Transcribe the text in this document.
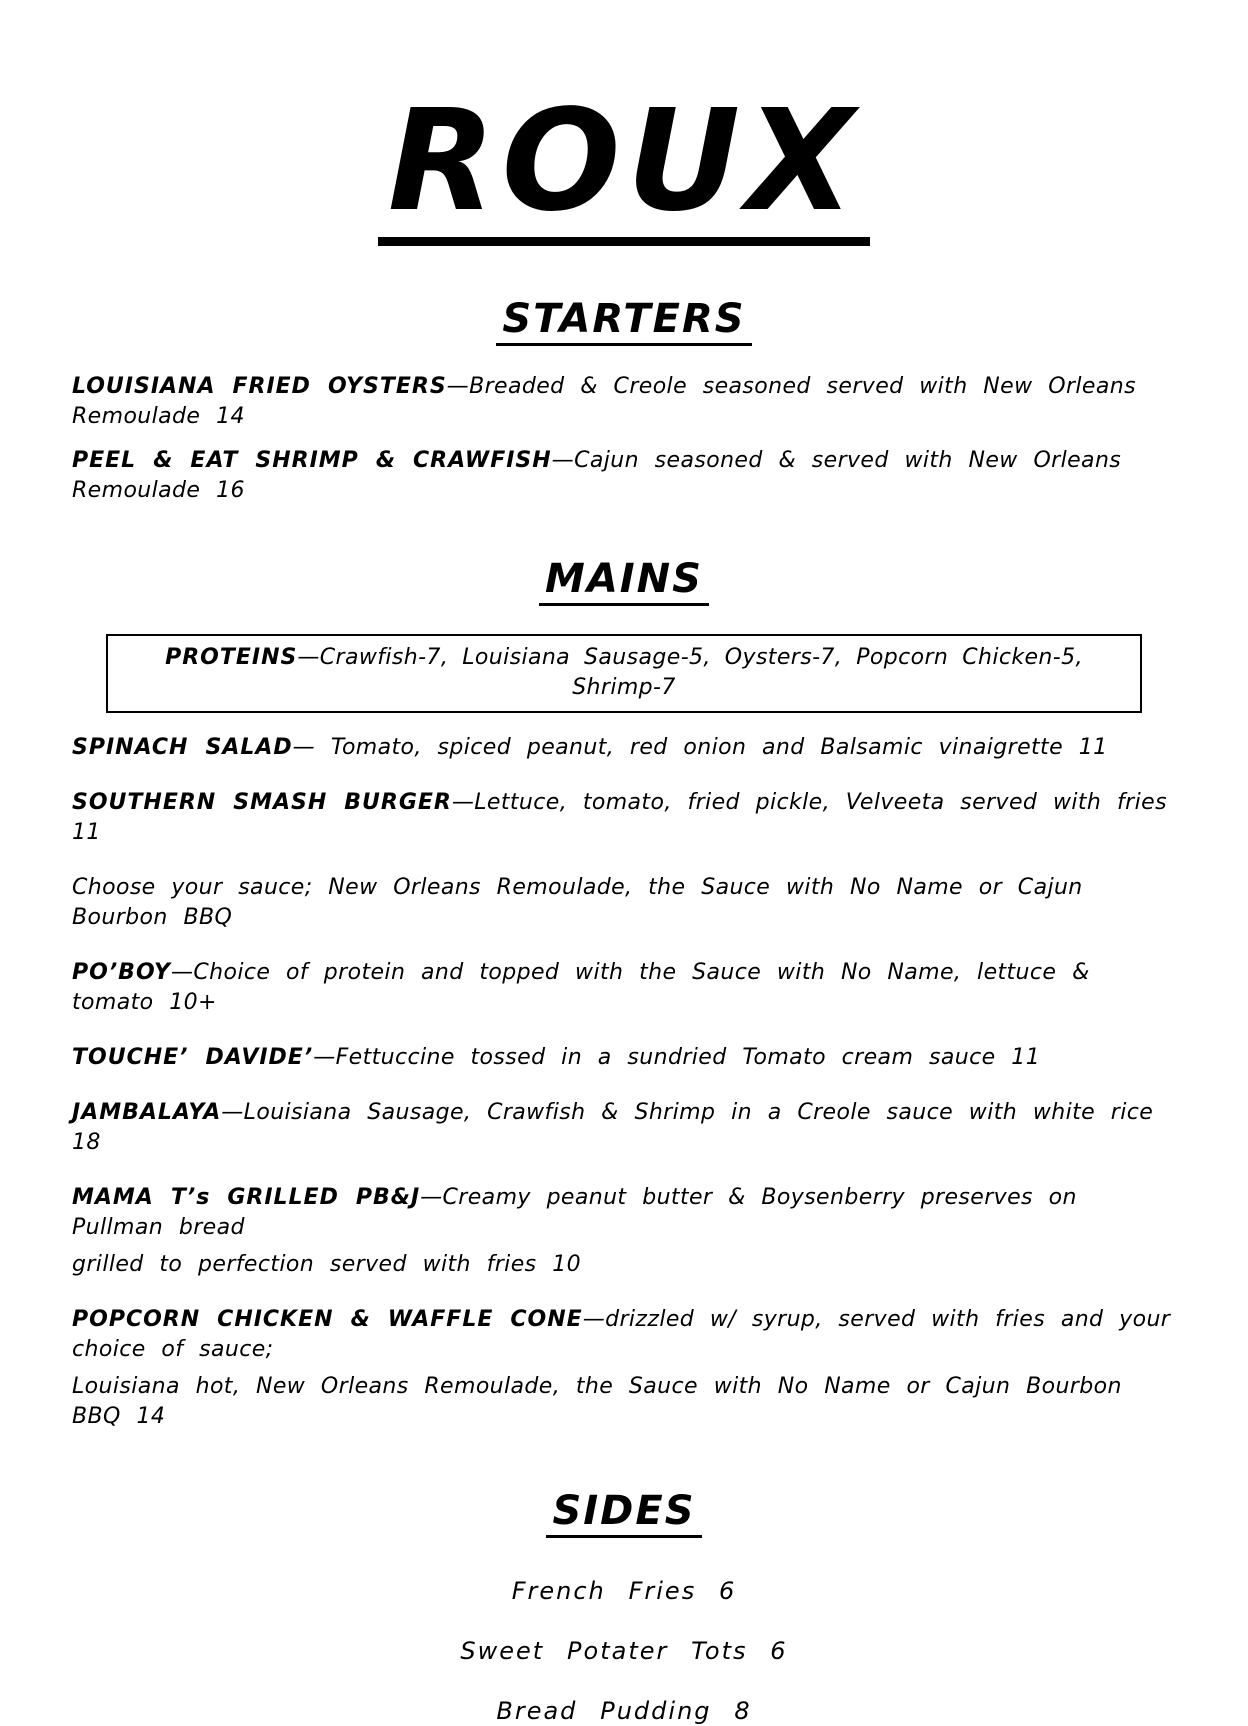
ROUX
STARTERS
LOUISIANA FRIED OYSTERS—Breaded & Creole seasoned served with New Orleans Remoulade 14
PEEL & EAT SHRIMP & CRAWFISH—Cajun seasoned & served with New Orleans Remoulade 16
MAINS
PROTEINS—Crawfish-7, Louisiana Sausage-5, Oysters-7, Popcorn Chicken-5, Shrimp-7
SPINACH SALAD— Tomato, spiced peanut, red onion and Balsamic vinaigrette 11
SOUTHERN SMASH BURGER—Lettuce, tomato, fried pickle, Velveeta served with fries 11
Choose your sauce; New Orleans Remoulade, the Sauce with No Name or Cajun Bourbon BBQ
PO’BOY—Choice of protein and topped with the Sauce with No Name, lettuce & tomato 10+
TOUCHE’ DAVIDE’—Fettuccine tossed in a sundried Tomato cream sauce 11
JAMBALAYA—Louisiana Sausage, Crawfish & Shrimp in a Creole sauce with white rice 18
MAMA T’s GRILLED PB&J—Creamy peanut butter & Boysenberry preserves on Pullman bread
grilled to perfection served with fries 10
POPCORN CHICKEN & WAFFLE CONE—drizzled w/ syrup, served with fries and your choice of sauce;
Louisiana hot, New Orleans Remoulade, the Sauce with No Name or Cajun Bourbon BBQ 14
SIDES
French Fries 6
Sweet Potater Tots 6
Bread Pudding 8
